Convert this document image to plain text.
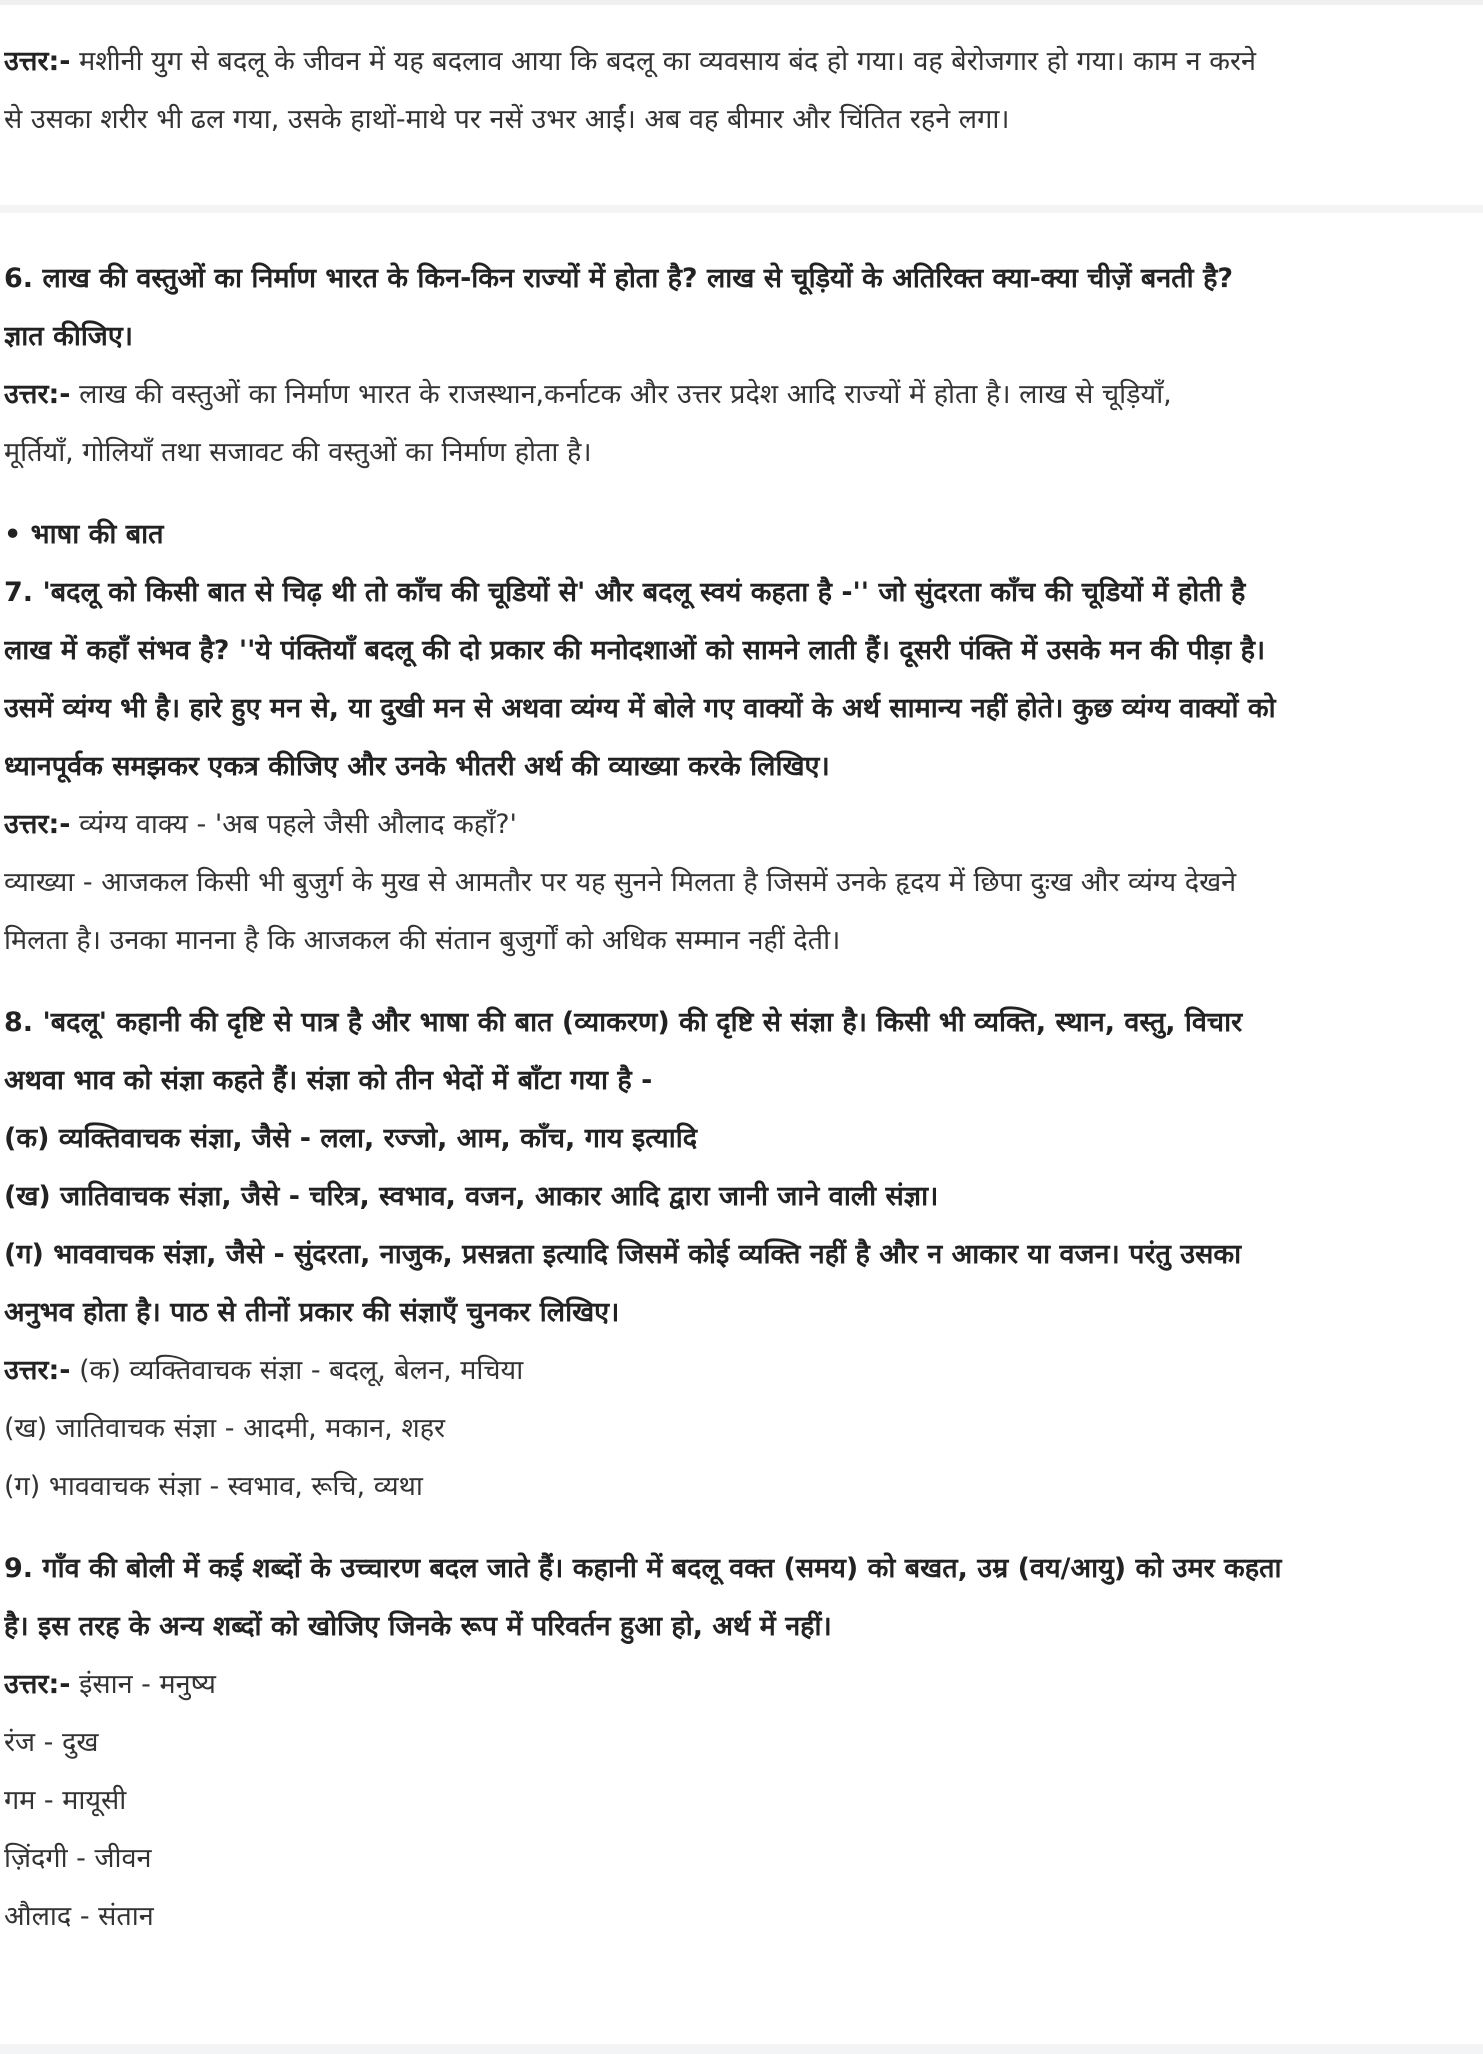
उत्तर:- मशीनी युग से बदलू के जीवन में यह बदलाव आया कि बदलू का व्यवसाय बंद हो गया। वह बेरोजगार हो गया। काम न करने
से उसका शरीर भी ढल गया, उसके हाथों-माथे पर नसें उभर आईं। अब वह बीमार और चिंतित रहने लगा।
6. लाख की वस्तुओं का निर्माण भारत के किन-किन राज्यों में होता है? लाख से चूड़ियों के अतिरिक्त क्या-क्या चीज़ें बनती है?
ज्ञात कीजिए।
उत्तर:- लाख की वस्तुओं का निर्माण भारत के राजस्थान,कर्नाटक और उत्तर प्रदेश आदि राज्यों में होता है। लाख से चूड़ियाँ,
मूर्तियाँ, गोलियाँ तथा सजावट की वस्तुओं का निर्माण होता है।
• भाषा की बात
7. 'बदलू को किसी बात से चिढ़ थी तो काँच की चूडियों से' और बदलू स्वयं कहता है -'' जो सुंदरता काँच की चूडियों में होती है
लाख में कहाँ संभव है? ''ये पंक्तियाँ बदलू की दो प्रकार की मनोदशाओं को सामने लाती हैं। दूसरी पंक्ति में उसके मन की पीड़ा है।
उसमें व्यंग्य भी है। हारे हुए मन से, या दुखी मन से अथवा व्यंग्य में बोले गए वाक्यों के अर्थ सामान्य नहीं होते। कुछ व्यंग्य वाक्यों को
ध्यानपूर्वक समझकर एकत्र कीजिए और उनके भीतरी अर्थ की व्याख्या करके लिखिए।
उत्तर:- व्यंग्य वाक्य - 'अब पहले जैसी औलाद कहाँ?'
व्याख्या - आजकल किसी भी बुजुर्ग के मुख से आमतौर पर यह सुनने मिलता है जिसमें उनके हृदय में छिपा दुःख और व्यंग्य देखने
मिलता है। उनका मानना है कि आजकल की संतान बुजुर्गों को अधिक सम्मान नहीं देती।
8. 'बदलू' कहानी की दृष्टि से पात्र है और भाषा की बात (व्याकरण) की दृष्टि से संज्ञा है। किसी भी व्यक्ति, स्थान, वस्तु, विचार
अथवा भाव को संज्ञा कहते हैं। संज्ञा को तीन भेदों में बाँटा गया है -
(क) व्यक्तिवाचक संज्ञा, जैसे - लला, रज्जो, आम, काँच, गाय इत्यादि
(ख) जातिवाचक संज्ञा, जैसे - चरित्र, स्वभाव, वजन, आकार आदि द्वारा जानी जाने वाली संज्ञा।
(ग) भाववाचक संज्ञा, जैसे - सुंदरता, नाजुक, प्रसन्नता इत्यादि जिसमें कोई व्यक्ति नहीं है और न आकार या वजन। परंतु उसका
अनुभव होता है। पाठ से तीनों प्रकार की संज्ञाएँ चुनकर लिखिए।
उत्तर:- (क) व्यक्तिवाचक संज्ञा - बदलू, बेलन, मचिया
(ख) जातिवाचक संज्ञा - आदमी, मकान, शहर
(ग) भाववाचक संज्ञा - स्वभाव, रूचि, व्यथा
9. गाँव की बोली में कई शब्दों के उच्चारण बदल जाते हैं। कहानी में बदलू वक्त (समय) को बखत, उम्र (वय/आयु) को उमर कहता
है। इस तरह के अन्य शब्दों को खोजिए जिनके रूप में परिवर्तन हुआ हो, अर्थ में नहीं।
उत्तर:- इंसान - मनुष्य
रंज - दुख
गम - मायूसी
ज़िंदगी - जीवन
औलाद - संतान
